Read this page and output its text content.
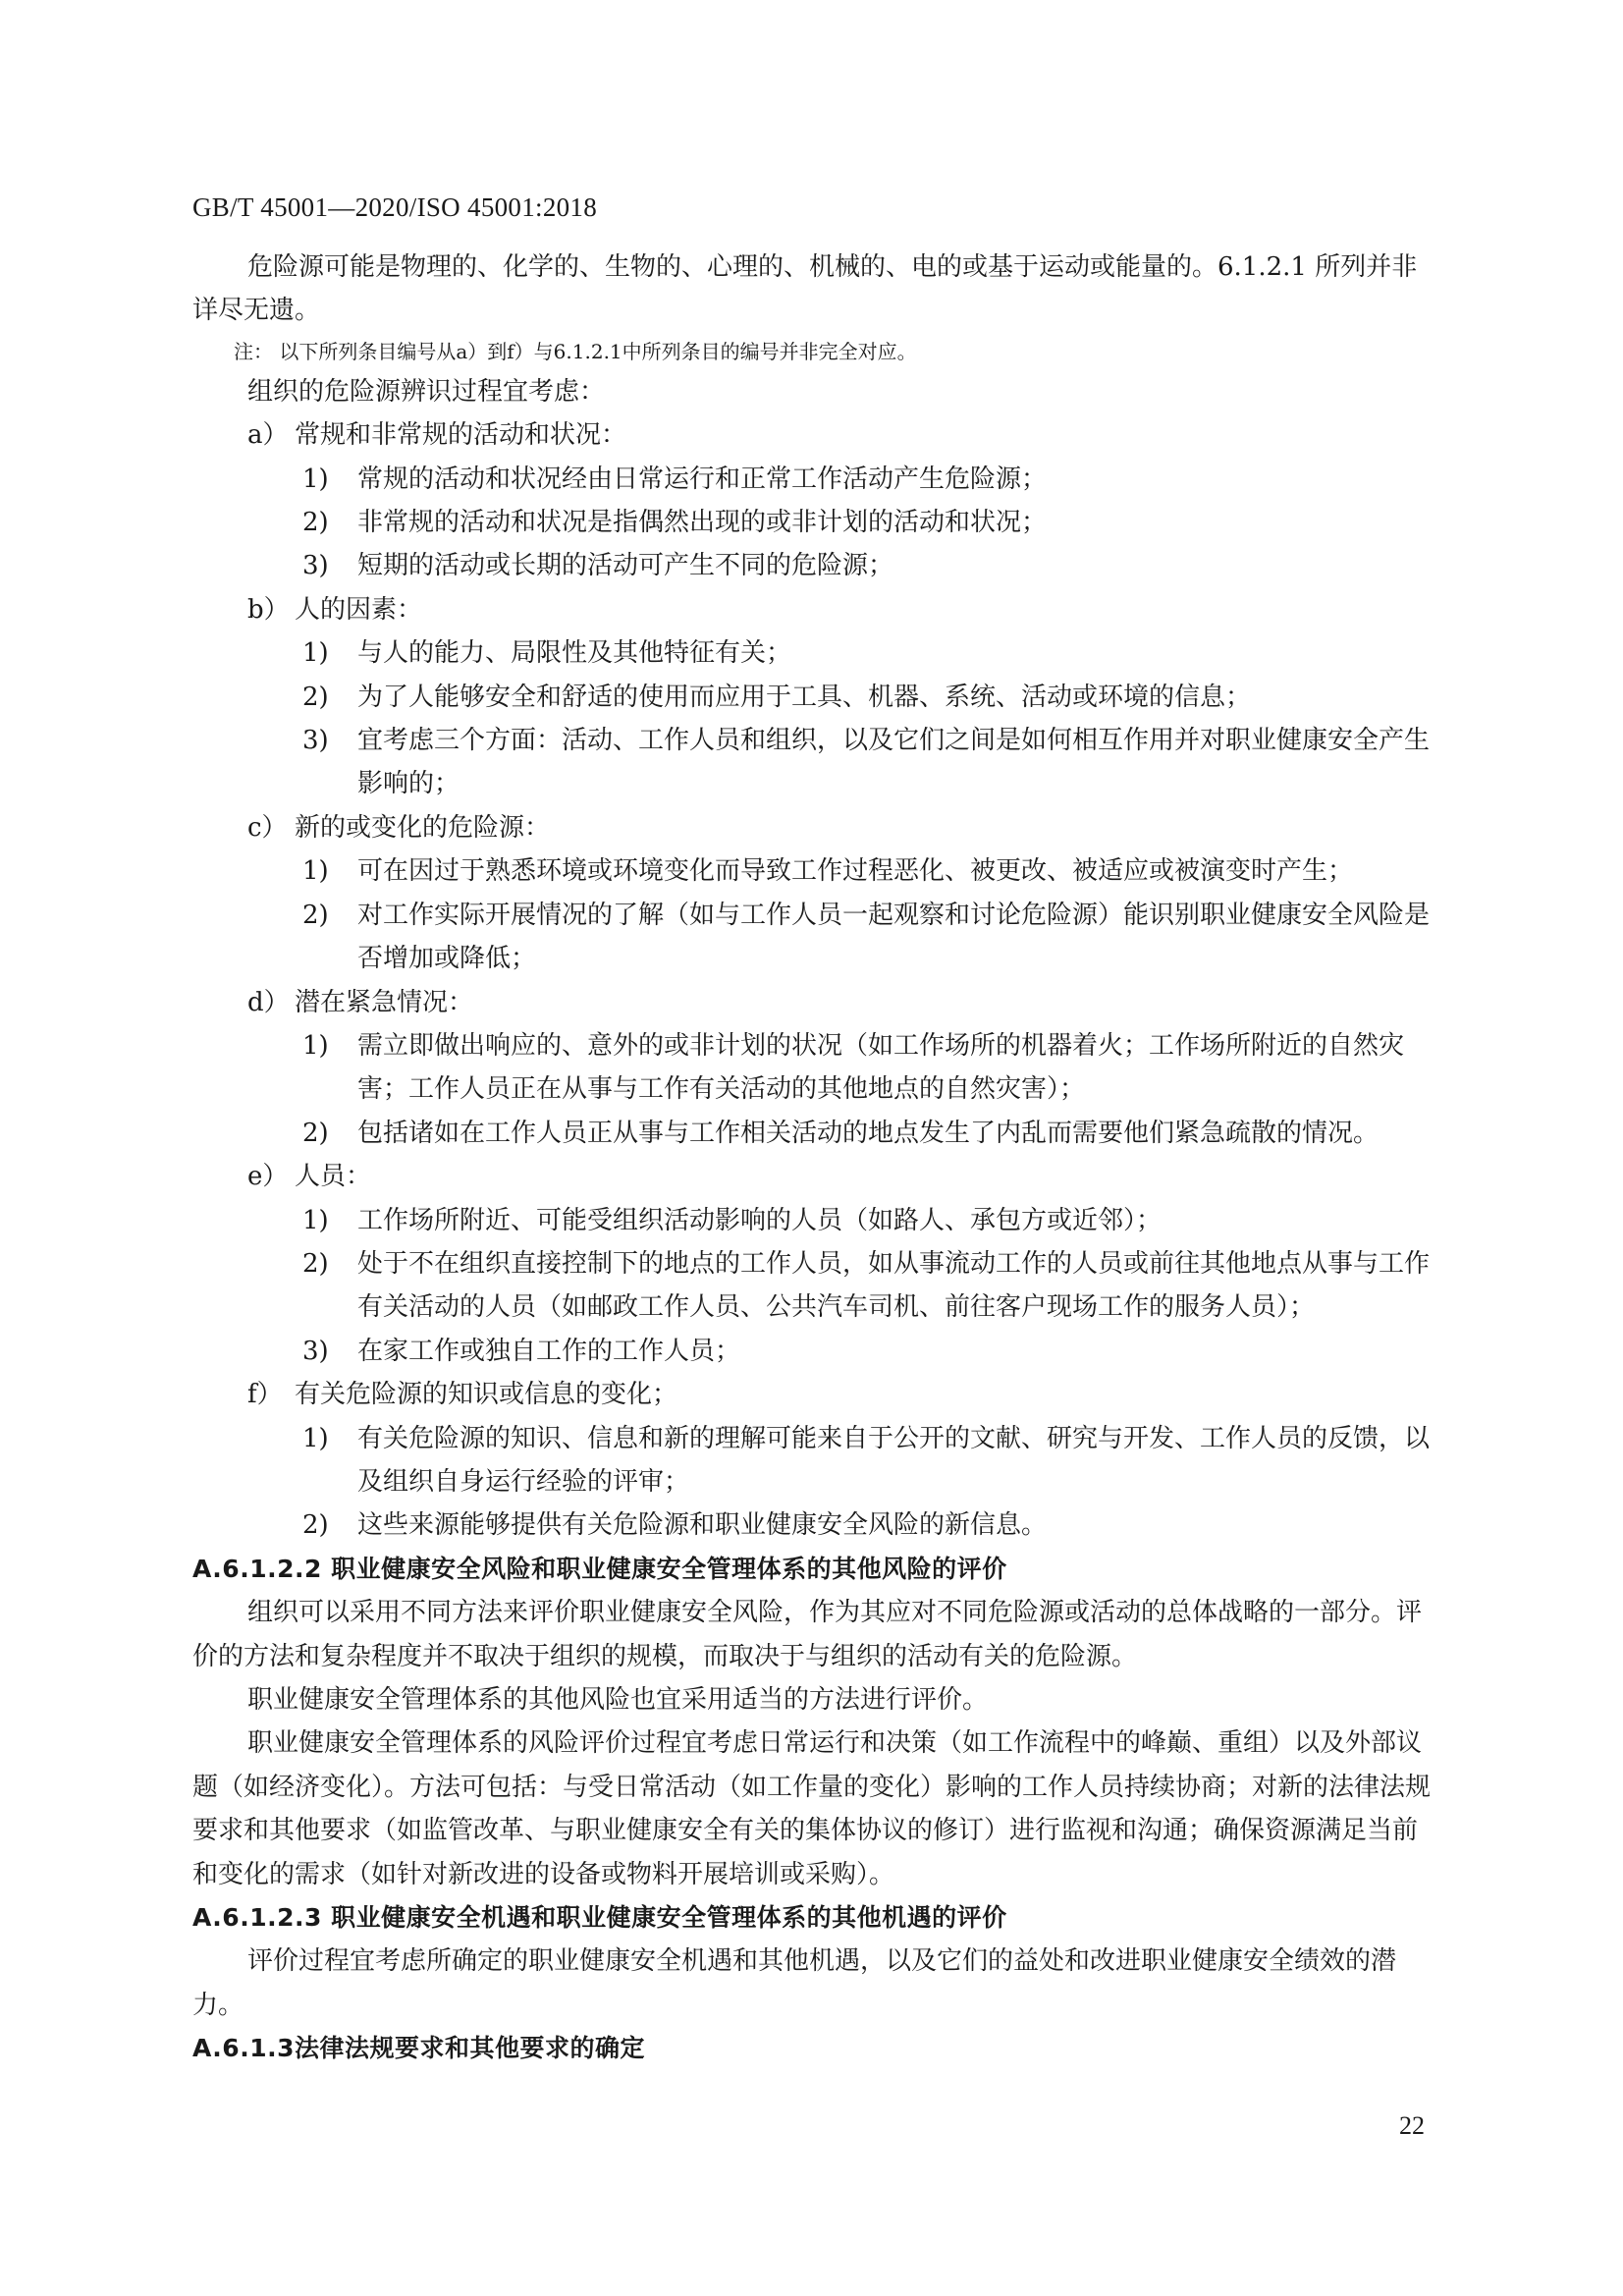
GB/T 45001—2020/ISO 45001:2018

危险源可能是物理的、化学的、生物的、心理的、机械的、电的或基于运动或能量的。6.1.2.1 所列并非详尽无遗。

注： 以下所列条目编号从a）到f）与6.1.2.1中所列条目的编号并非完全对应。

组织的危险源辨识过程宜考虑：

a） 常规和非常规的活动和状况：

1) 常规的活动和状况经由日常运行和正常工作活动产生危险源；

2) 非常规的活动和状况是指偶然出现的或非计划的活动和状况；

3) 短期的活动或长期的活动可产生不同的危险源；

b） 人的因素：

1) 与人的能力、局限性及其他特征有关；

2) 为了人能够安全和舒适的使用而应用于工具、机器、系统、活动或环境的信息；

3) 宜考虑三个方面：活动、工作人员和组织，以及它们之间是如何相互作用并对职业健康安全产生影响的；

c） 新的或变化的危险源：

1) 可在因过于熟悉环境或环境变化而导致工作过程恶化、被更改、被适应或被演变时产生；

2) 对工作实际开展情况的了解（如与工作人员一起观察和讨论危险源）能识别职业健康安全风险是否增加或降低；

d） 潜在紧急情况：

1) 需立即做出响应的、意外的或非计划的状况（如工作场所的机器着火；工作场所附近的自然灾害；工作人员正在从事与工作有关活动的其他地点的自然灾害）；

2) 包括诸如在工作人员正从事与工作相关活动的地点发生了内乱而需要他们紧急疏散的情况。

e） 人员：

1) 工作场所附近、可能受组织活动影响的人员（如路人、承包方或近邻）；

2) 处于不在组织直接控制下的地点的工作人员，如从事流动工作的人员或前往其他地点从事与工作有关活动的人员（如邮政工作人员、公共汽车司机、前往客户现场工作的服务人员）；

3) 在家工作或独自工作的工作人员；

f） 有关危险源的知识或信息的变化；

1) 有关危险源的知识、信息和新的理解可能来自于公开的文献、研究与开发、工作人员的反馈，以及组织自身运行经验的评审；

2) 这些来源能够提供有关危险源和职业健康安全风险的新信息。

A.6.1.2.2 职业健康安全风险和职业健康安全管理体系的其他风险的评价

组织可以采用不同方法来评价职业健康安全风险，作为其应对不同危险源或活动的总体战略的一部分。评价的方法和复杂程度并不取决于组织的规模，而取决于与组织的活动有关的危险源。

职业健康安全管理体系的其他风险也宜采用适当的方法进行评价。

职业健康安全管理体系的风险评价过程宜考虑日常运行和决策（如工作流程中的峰巅、重组）以及外部议题（如经济变化）。方法可包括：与受日常活动（如工作量的变化）影响的工作人员持续协商；对新的法律法规要求和其他要求（如监管改革、与职业健康安全有关的集体协议的修订）进行监视和沟通；确保资源满足当前和变化的需求（如针对新改进的设备或物料开展培训或采购）。

A.6.1.2.3 职业健康安全机遇和职业健康安全管理体系的其他机遇的评价

评价过程宜考虑所确定的职业健康安全机遇和其他机遇，以及它们的益处和改进职业健康安全绩效的潜力。

A.6.1.3法律法规要求和其他要求的确定

22
